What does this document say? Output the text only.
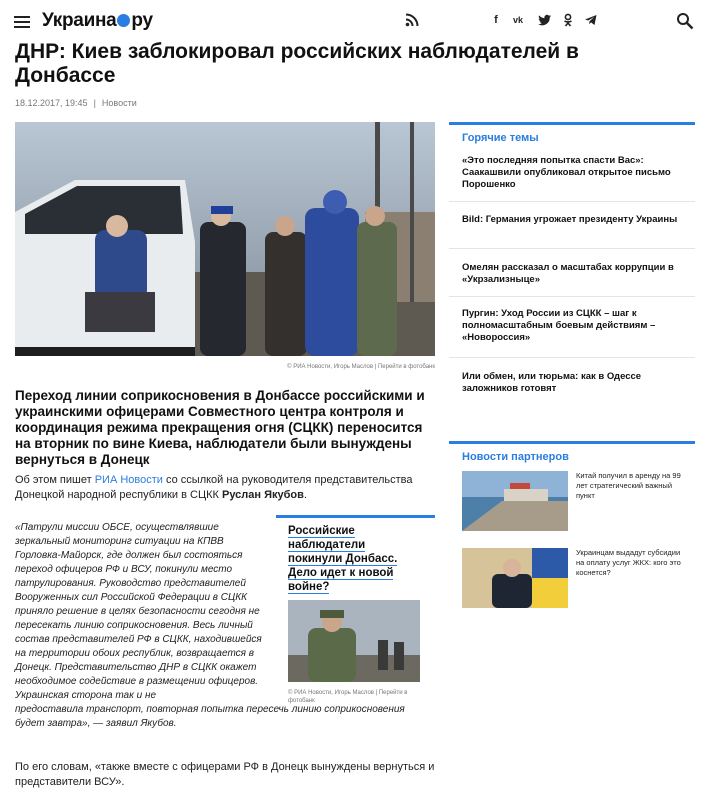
Украина ру	f	vk
ДНР: Киев заблокировал российских наблюдателей в Донбассе
18.12.2017, 19:45 | Новости
© РИА Новости, Игорь Маслов | Перейти в фотобанк
Переход линии соприкосновения в Донбассе российскими и украинскими офицерами Совместного центра контроля и координация режима прекращения огня (СЦКК) переносится на вторник по вине Киева, наблюдатели были вынуждены вернуться в Донецк
Об этом пишет РИА Новости со ссылкой на руководителя представительства Донецкой народной республики в СЦКК Руслан Якубов.
«Патрули миссии ОБСЕ, осуществлявшие зеркальный мониторинг ситуации на КПВВ Горловка-Майорск, где должен был состояться переход офицеров РФ и ВСУ, покинули место патрулирования. Руководство представителей Вооруженных сил Российской Федерации в СЦКК приняло решение в целях безопасности сегодня не пересекать линию соприкосновения. Весь личный состав представителей РФ в СЦКК, находившейся на территории обоих республик, возвращается в Донецк. Представительство ДНР в СЦКК окажет необходимое содействие в размещении офицеров. Украинская сторона так и не
предоставила транспорт, повторная попытка пересечь линию соприкосновения будет завтра», — заявил Якубов.
По его словам, «также вместе с офицерами РФ в Донецк вынуждены вернуться и представители ВСУ».
Российские наблюдатели покинули Донбасс. Дело идет к новой войне?
© РИА Новости, Игорь Маслов | Перейти в фотобанк
Горячие темы
«Это последняя попытка спасти Вас»: Саакашвили опубликовал открытое письмо Порошенко
Bild: Германия угрожает президенту Украины
Омелян рассказал о масштабах коррупции в «Укрзализныце»
Пургин: Уход России из СЦКК – шаг к полномасштабным боевым действиям – «Новороссия»
Или обмен, или тюрьма: как в Одессе заложников готовят
Новости партнеров
Китай получил в аренду на 99 лет стратегический важный пункт
Украинцам выдадут субсидии на оплату услуг ЖКХ: кого это коснется?
